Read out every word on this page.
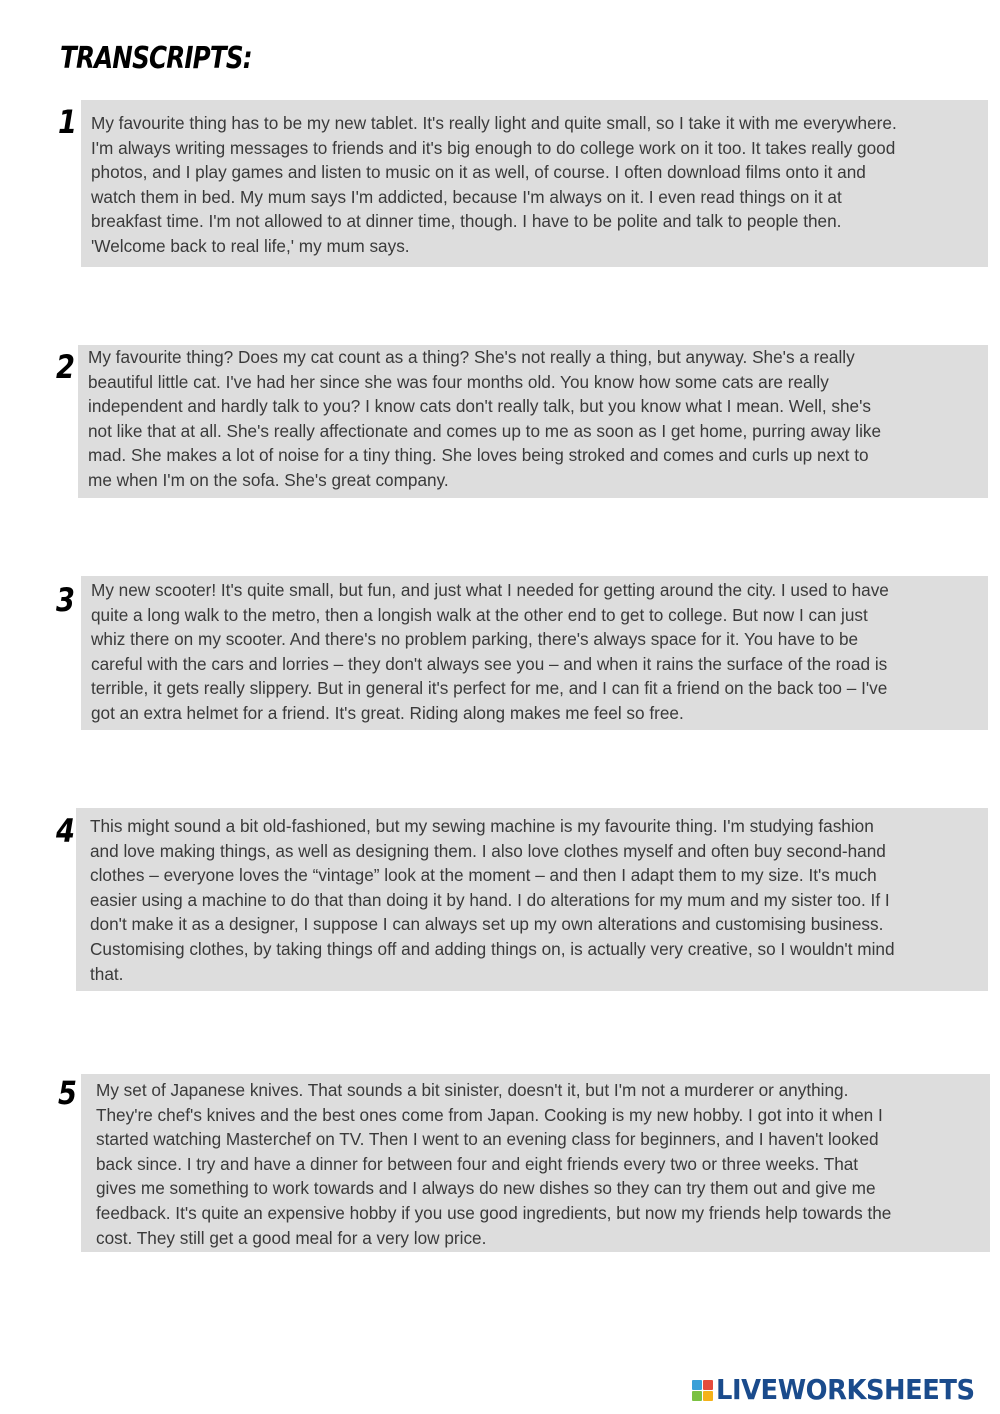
TRANSCRIPTS:
1 My favourite thing has to be my new tablet. It's really light and quite small, so I take it with me everywhere.
I'm always writing messages to friends and it's big enough to do college work on it too. It takes really good
photos, and I play games and listen to music on it as well, of course. I often download films onto it and
watch them in bed. My mum says I'm addicted, because I'm always on it. I even read things on it at
breakfast time. I'm not allowed to at dinner time, though. I have to be polite and talk to people then.
'Welcome back to real life,' my mum says.
2 My favourite thing? Does my cat count as a thing? She's not really a thing, but anyway. She's a really
beautiful little cat. I've had her since she was four months old. You know how some cats are really
independent and hardly talk to you? I know cats don't really talk, but you know what I mean. Well, she's
not like that at all. She's really affectionate and comes up to me as soon as I get home, purring away like
mad. She makes a lot of noise for a tiny thing. She loves being stroked and comes and curls up next to
me when I'm on the sofa. She's great company.
3 My new scooter! It's quite small, but fun, and just what I needed for getting around the city. I used to have
quite a long walk to the metro, then a longish walk at the other end to get to college. But now I can just
whiz there on my scooter. And there's no problem parking, there's always space for it. You have to be
careful with the cars and lorries – they don't always see you – and when it rains the surface of the road is
terrible, it gets really slippery. But in general it's perfect for me, and I can fit a friend on the back too – I've
got an extra helmet for a friend. It's great. Riding along makes me feel so free.
4 This might sound a bit old-fashioned, but my sewing machine is my favourite thing. I'm studying fashion
and love making things, as well as designing them. I also love clothes myself and often buy second-hand
clothes – everyone loves the “vintage” look at the moment – and then I adapt them to my size. It's much
easier using a machine to do that than doing it by hand. I do alterations for my mum and my sister too. If I
don't make it as a designer, I suppose I can always set up my own alterations and customising business.
Customising clothes, by taking things off and adding things on, is actually very creative, so I wouldn't mind
that.
5 My set of Japanese knives. That sounds a bit sinister, doesn't it, but I'm not a murderer or anything.
They're chef's knives and the best ones come from Japan. Cooking is my new hobby. I got into it when I
started watching Masterchef on TV. Then I went to an evening class for beginners, and I haven't looked
back since. I try and have a dinner for between four and eight friends every two or three weeks. That
gives me something to work towards and I always do new dishes so they can try them out and give me
feedback. It's quite an expensive hobby if you use good ingredients, but now my friends help towards the
cost. They still get a good meal for a very low price.
LIVEWORKSHEETS
